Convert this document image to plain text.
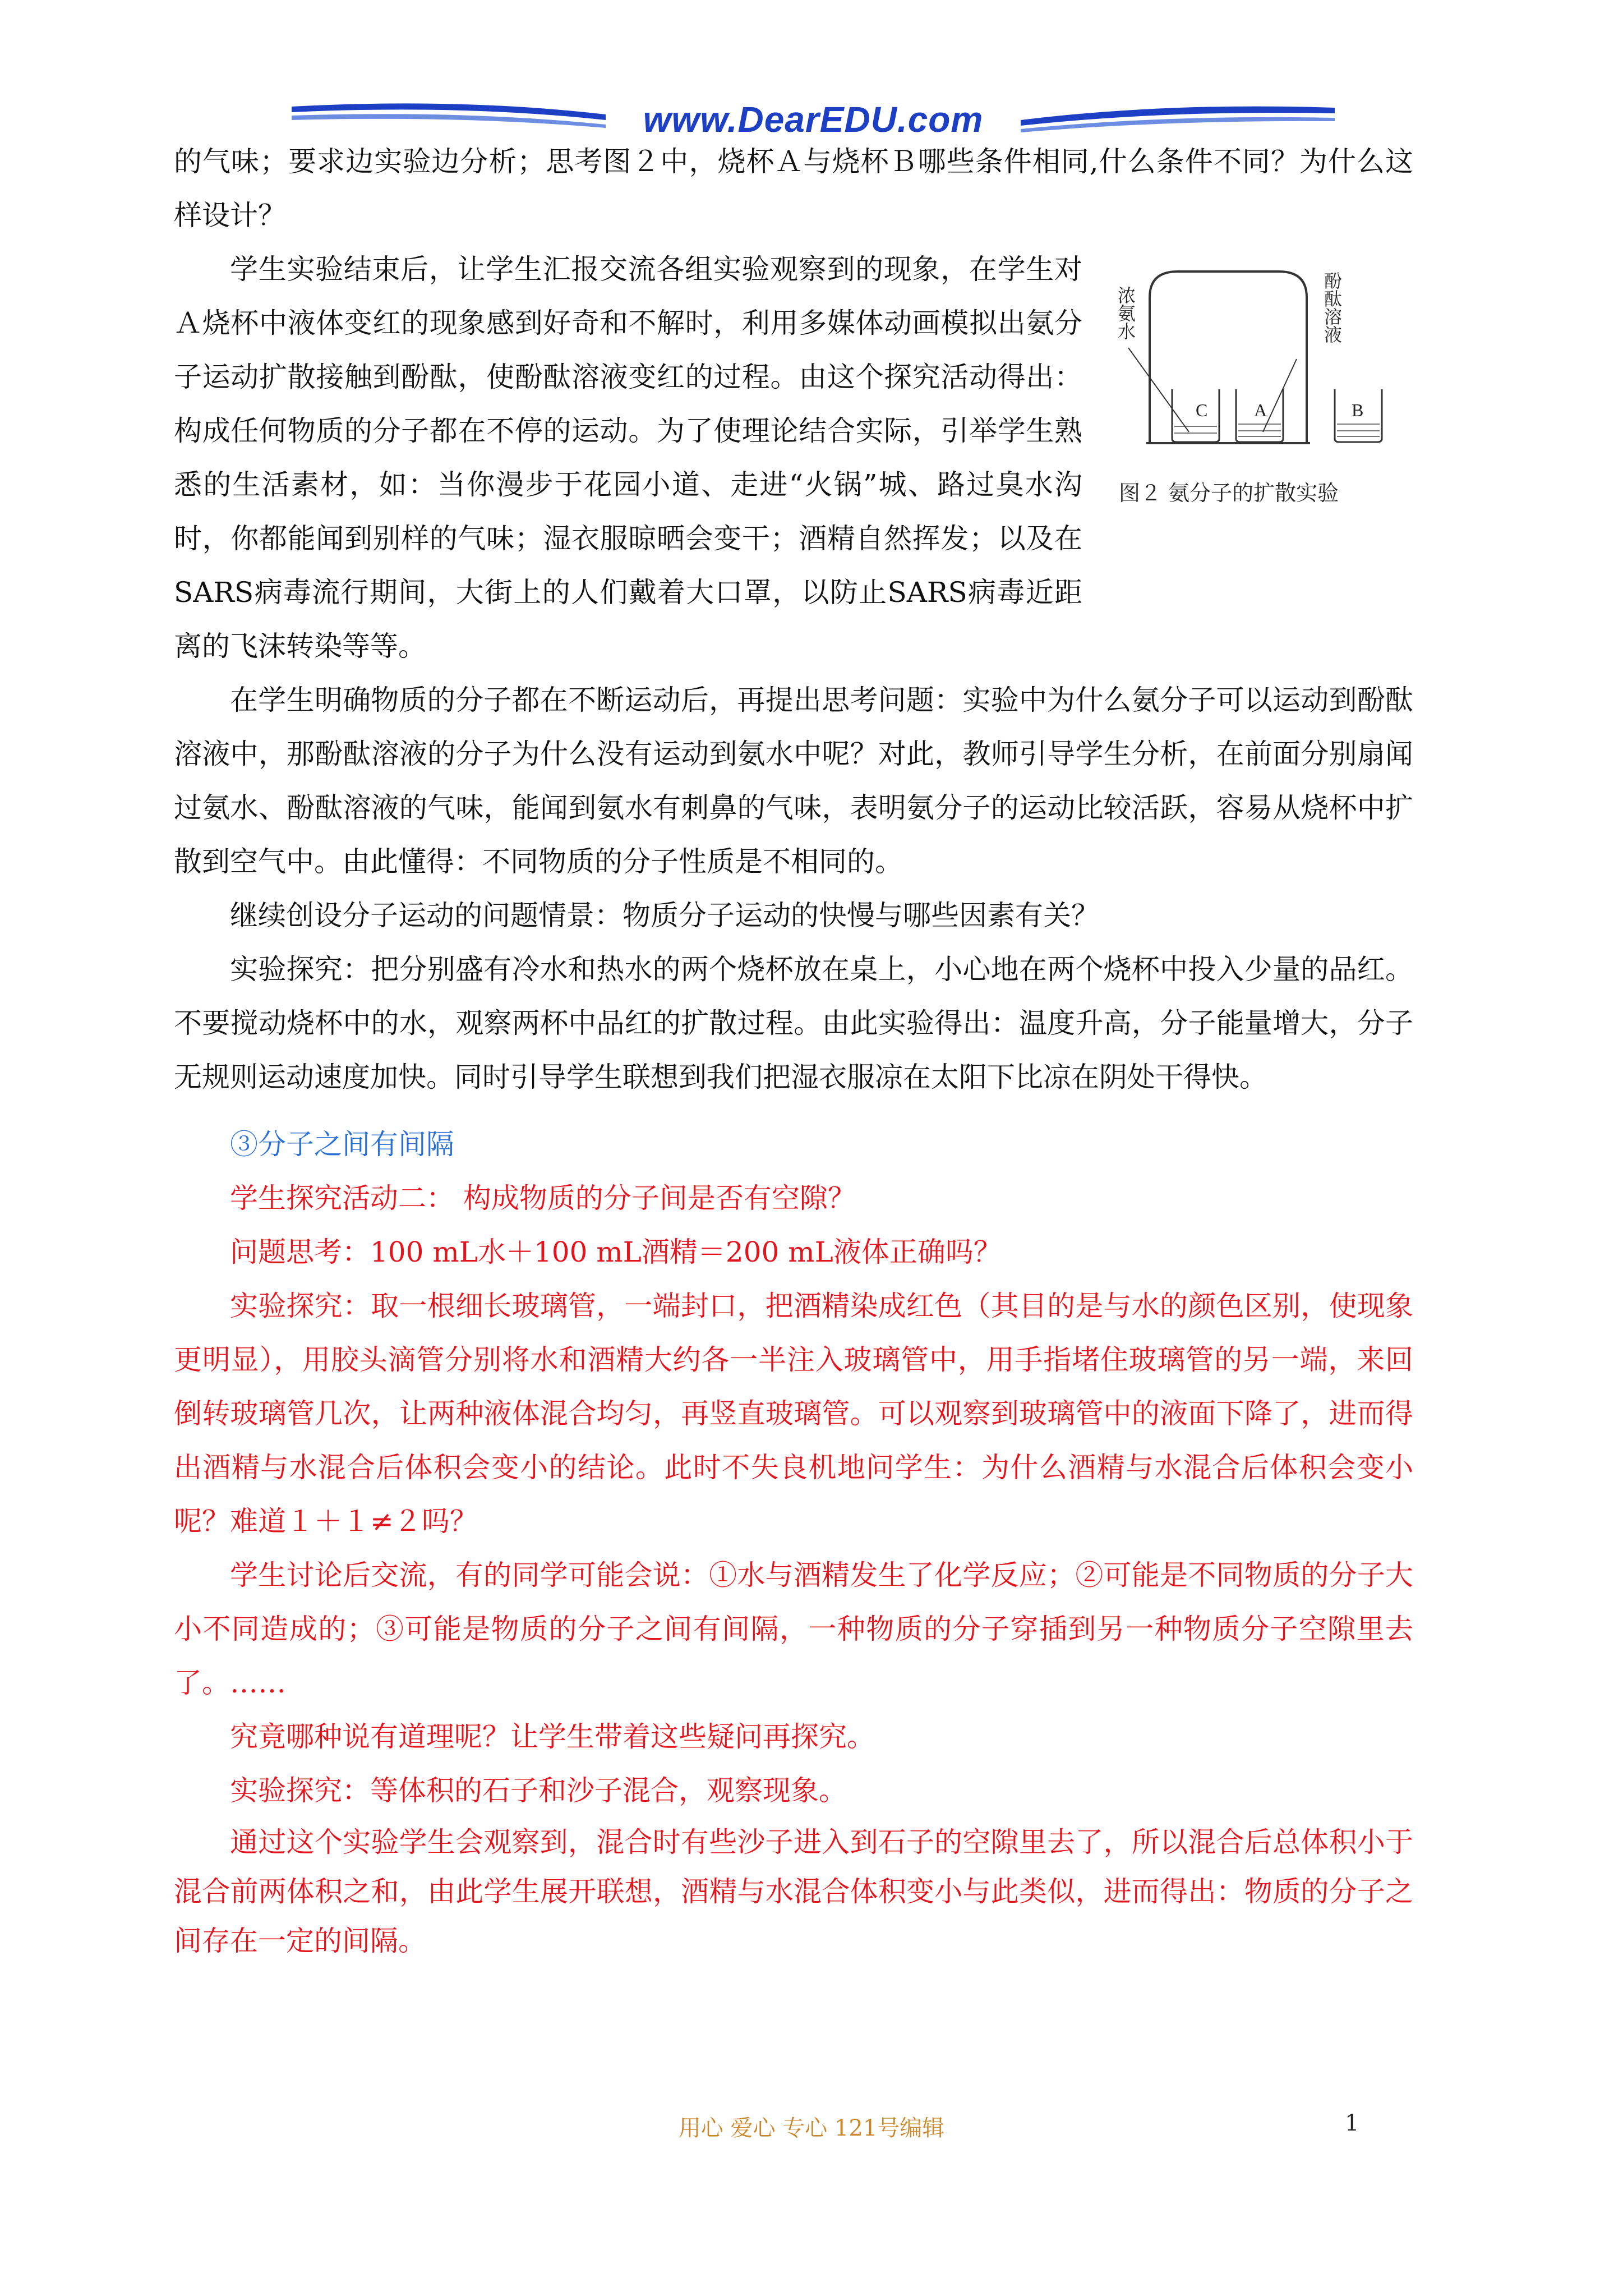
www.DearEDU.com
C	A	B
浓氨水	酚酞溶液
图２ 氨分子的扩散实验

的气味；要求边实验边分析；思考图２中，烧杯Ａ与烧杯Ｂ哪些条件相同,什么条件不同？为什么这样设计？

学生实验结束后，让学生汇报交流各组实验观察到的现象，在学生对Ａ烧杯中液体变红的现象感到好奇和不解时，利用多媒体动画模拟出氨分子运动扩散接触到酚酞，使酚酞溶液变红的过程。由这个探究活动得出：构成任何物质的分子都在不停的运动。为了使理论结合实际，引举学生熟悉的生活素材，如：当你漫步于花园小道、走进“火锅”城、路过臭水沟时，你都能闻到别样的气味；湿衣服晾晒会变干；酒精自然挥发；以及在SARS病毒流行期间，大街上的人们戴着大口罩，以防止SARS病毒近距离的飞沫转染等等。

在学生明确物质的分子都在不断运动后，再提出思考问题：实验中为什么氨分子可以运动到酚酞溶液中，那酚酞溶液的分子为什么没有运动到氨水中呢？对此，教师引导学生分析，在前面分别扇闻过氨水、酚酞溶液的气味，能闻到氨水有刺鼻的气味，表明氨分子的运动比较活跃，容易从烧杯中扩散到空气中。由此懂得：不同物质的分子性质是不相同的。

继续创设分子运动的问题情景：物质分子运动的快慢与哪些因素有关？

实验探究：把分别盛有冷水和热水的两个烧杯放在桌上，小心地在两个烧杯中投入少量的品红。不要搅动烧杯中的水，观察两杯中品红的扩散过程。由此实验得出：温度升高，分子能量增大，分子无规则运动速度加快。同时引导学生联想到我们把湿衣服凉在太阳下比凉在阴处干得快。

③分子之间有间隔

学生探究活动二： 构成物质的分子间是否有空隙？

问题思考：100 mL水＋100 mL酒精＝200 mL液体正确吗？

实验探究：取一根细长玻璃管，一端封口，把酒精染成红色（其目的是与水的颜色区别，使现象更明显），用胶头滴管分别将水和酒精大约各一半注入玻璃管中，用手指堵住玻璃管的另一端，来回倒转玻璃管几次，让两种液体混合均匀，再竖直玻璃管。可以观察到玻璃管中的液面下降了，进而得出酒精与水混合后体积会变小的结论。此时不失良机地问学生：为什么酒精与水混合后体积会变小呢？难道１＋１≠２吗？

学生讨论后交流，有的同学可能会说：①水与酒精发生了化学反应；②可能是不同物质的分子大小不同造成的；③可能是物质的分子之间有间隔，一种物质的分子穿插到另一种物质分子空隙里去了。……

究竟哪种说有道理呢？让学生带着这些疑问再探究。

实验探究：等体积的石子和沙子混合，观察现象。

通过这个实验学生会观察到，混合时有些沙子进入到石子的空隙里去了，所以混合后总体积小于混合前两体积之和，由此学生展开联想，酒精与水混合体积变小与此类似，进而得出：物质的分子之间存在一定的间隔。

用心 爱心 专心 121号编辑	1
